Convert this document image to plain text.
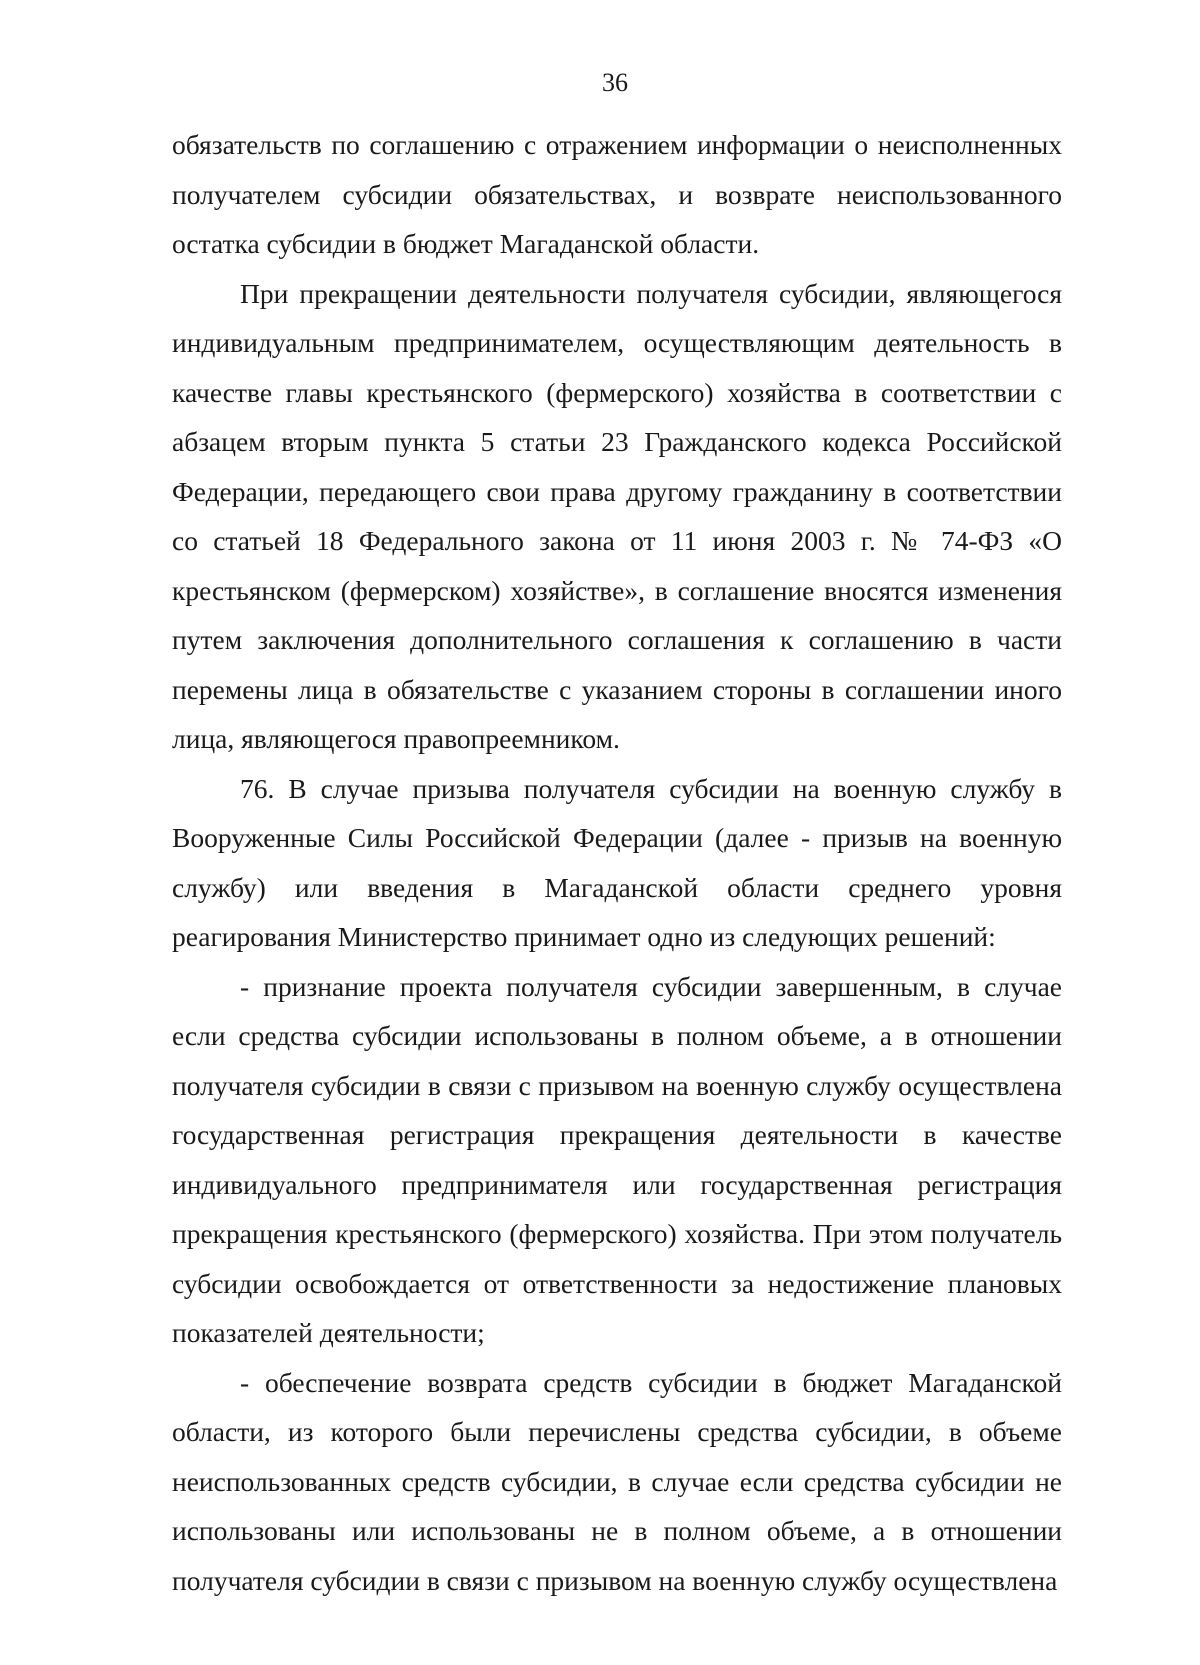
36

обязательств по соглашению с отражением информации о неисполненных получателем субсидии обязательствах, и возврате неиспользованного остатка субсидии в бюджет Магаданской области.

При прекращении деятельности получателя субсидии, являющегося индивидуальным предпринимателем, осуществляющим деятельность в качестве главы крестьянского (фермерского) хозяйства в соответствии с абзацем вторым пункта 5 статьи 23 Гражданского кодекса Российской Федерации, передающего свои права другому гражданину в соответствии со статьей 18 Федерального закона от 11 июня 2003 г. № 74-ФЗ «О крестьянском (фермерском) хозяйстве», в соглашение вносятся изменения путем заключения дополнительного соглашения к соглашению в части перемены лица в обязательстве с указанием стороны в соглашении иного лица, являющегося правопреемником.

76. В случае призыва получателя субсидии на военную службу в Вооруженные Силы Российской Федерации (далее - призыв на военную службу) или введения в Магаданской области среднего уровня реагирования Министерство принимает одно из следующих решений:

- признание проекта получателя субсидии завершенным, в случае если средства субсидии использованы в полном объеме, а в отношении получателя субсидии в связи с призывом на военную службу осуществлена государственная регистрация прекращения деятельности в качестве индивидуального предпринимателя или государственная регистрация прекращения крестьянского (фермерского) хозяйства. При этом получатель субсидии освобождается от ответственности за недостижение плановых показателей деятельности;

- обеспечение возврата средств субсидии в бюджет Магаданской области, из которого были перечислены средства субсидии, в объеме неиспользованных средств субсидии, в случае если средства субсидии не использованы или использованы не в полном объеме, а в отношении получателя субсидии в связи с призывом на военную службу осуществлена
